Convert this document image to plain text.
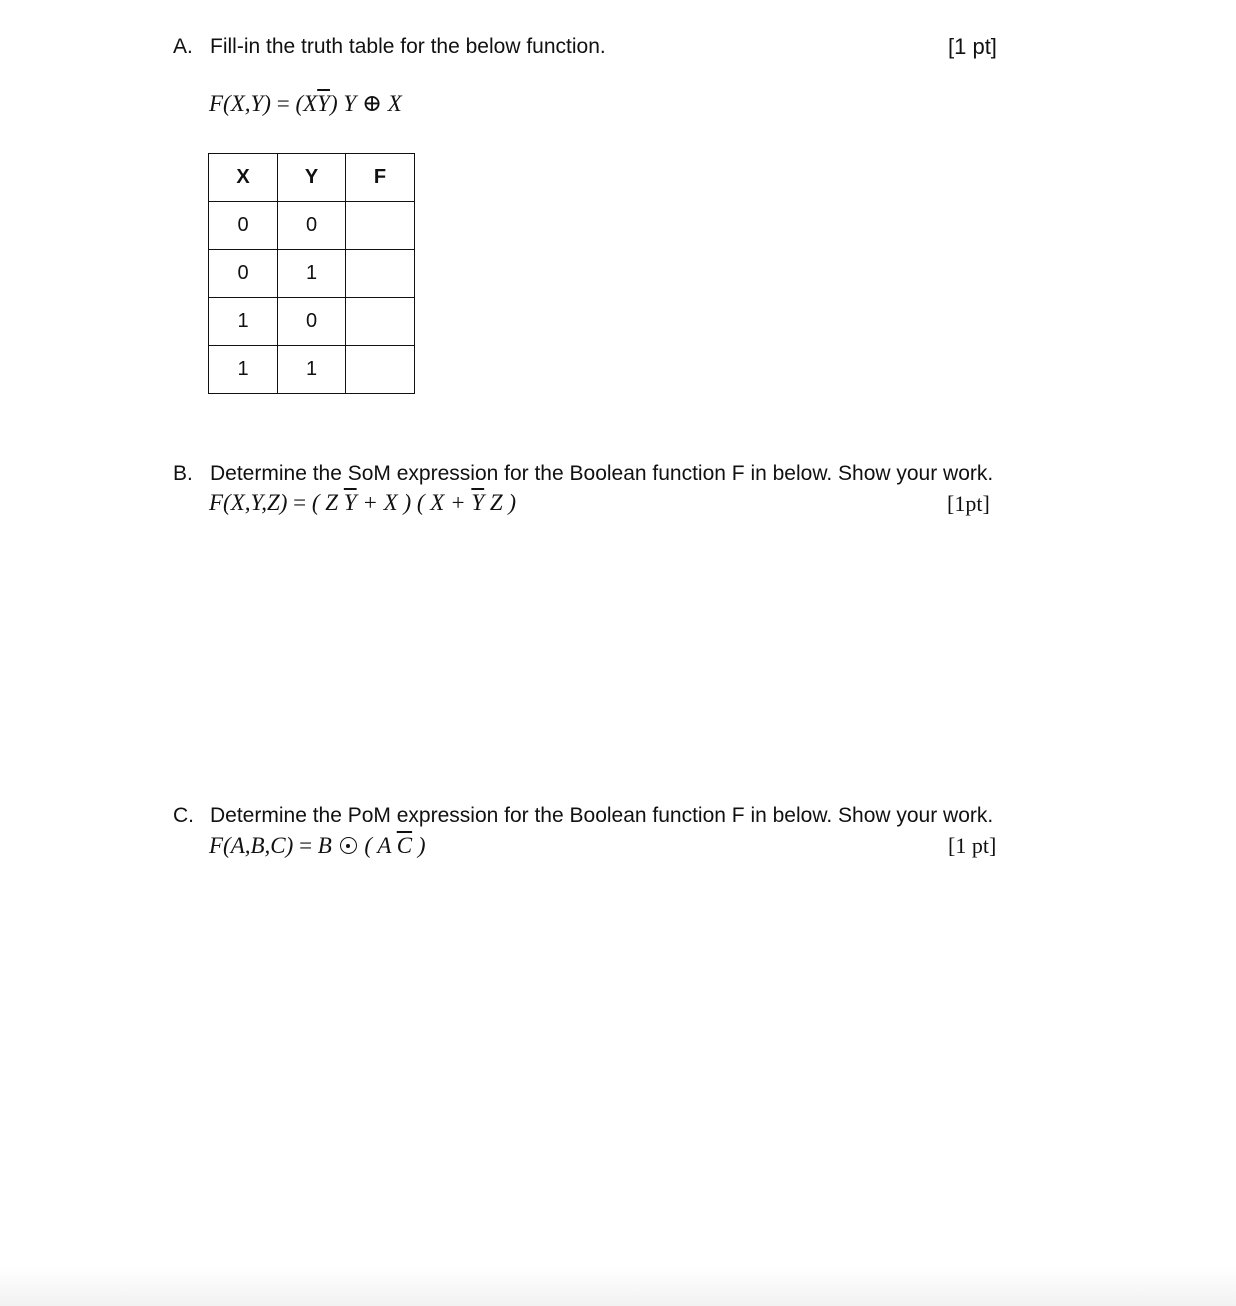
A. Fill-in the truth table for the below function.	[1 pt]
$F(X,Y) = (X\overline{Y})$ Y ⊕ X
X	Y	F
0	0	
0	1	
1	0	
1	1	
B. Determine the SoM expression for the Boolean function F in below. Show your work.
F(X,Y,Z) = ( Z $\overline{Y} + X$ ) ( $X + \overline{Y}$ Z )	[1pt]
C. Determine the PoM expression for the Boolean function F in below. Show your work.
F(A,B,C) = B ( A $\overline{C}$ )	[1 pt]
